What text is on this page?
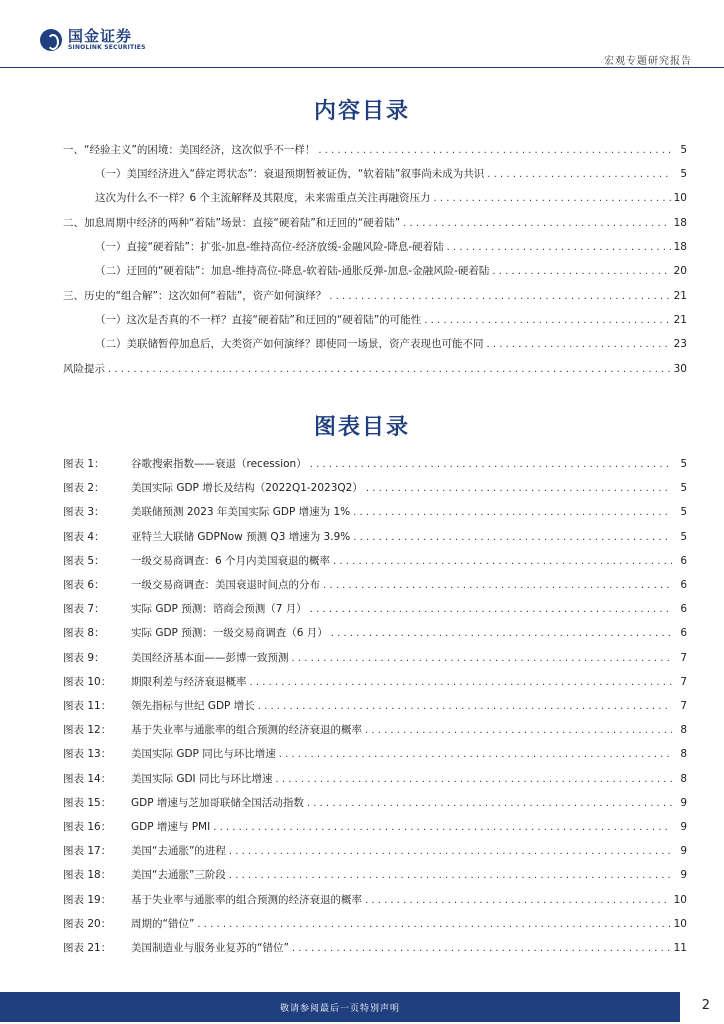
国金证券
SINOLINK SECURITIES
宏观专题研究报告
内容目录
一、“经验主义”的困境：美国经济，这次似乎不一样！ . . .	5
（一）美国经济进入“薛定谔状态”：衰退预期暂被证伪，“软着陆”叙事尚未成为共识 . . .	5
这次为什么不一样？6 个主流解释及其限度，未来需重点关注再融资压力 . . .	10
二、加息周期中经济的两种“着陆”场景：直接“硬着陆”和迂回的“硬着陆” . . .	18
（一）直接“硬着陆”：扩张-加息-维持高位-经济放缓-金融风险-降息-硬着陆 . . .	18
（二）迂回的“硬着陆”：加息-维持高位-降息-软着陆-通胀反弹-加息-金融风险-硬着陆 . . .	20
三、历史的“组合解”：这次如何“着陆”，资产如何演绎？ . . .	21
（一）这次是否真的不一样？直接“硬着陆”和迂回的“硬着陆”的可能性 . . .	21
（二）美联储暂停加息后，大类资产如何演绎？即使同一场景，资产表现也可能不同 . . .	23
风险提示 . . .	30
图表目录
图表 1：	谷歌搜索指数——衰退（recession） . . .	5
图表 2：	美国实际 GDP 增长及结构（2022Q1-2023Q2） . . .	5
图表 3：	美联储预测 2023 年美国实际 GDP 增速为 1% . . .	5
图表 4：	亚特兰大联储 GDPNow 预测 Q3 增速为 3.9% . . .	5
图表 5：	一级交易商调查：6 个月内美国衰退的概率 . . .	6
图表 6：	一级交易商调查：美国衰退时间点的分布 . . .	6
图表 7：	实际 GDP 预测：谘商会预测（7 月） . . .	6
图表 8：	实际 GDP 预测：一级交易商调查（6 月） . . .	6
图表 9：	美国经济基本面——彭博一致预测 . . .	7
图表 10：	期限利差与经济衰退概率 . . .	7
图表 11：	领先指标与世纪 GDP 增长 . . .	7
图表 12：	基于失业率与通胀率的组合预测的经济衰退的概率 . . .	8
图表 13：	美国实际 GDP 同比与环比增速 . . .	8
图表 14：	美国实际 GDI 同比与环比增速 . . .	8
图表 15：	GDP 增速与芝加哥联储全国活动指数 . . .	9
图表 16：	GDP 增速与 PMI . . .	9
图表 17：	美国“去通胀”的进程 . . .	9
图表 18：	美国“去通胀”三阶段 . . .	9
图表 19：	基于失业率与通胀率的组合预测的经济衰退的概率 . . .	10
图表 20：	周期的“错位” . . .	10
图表 21：	美国制造业与服务业复苏的“错位” . . .	11
敬请参阅最后一页特别声明	2
